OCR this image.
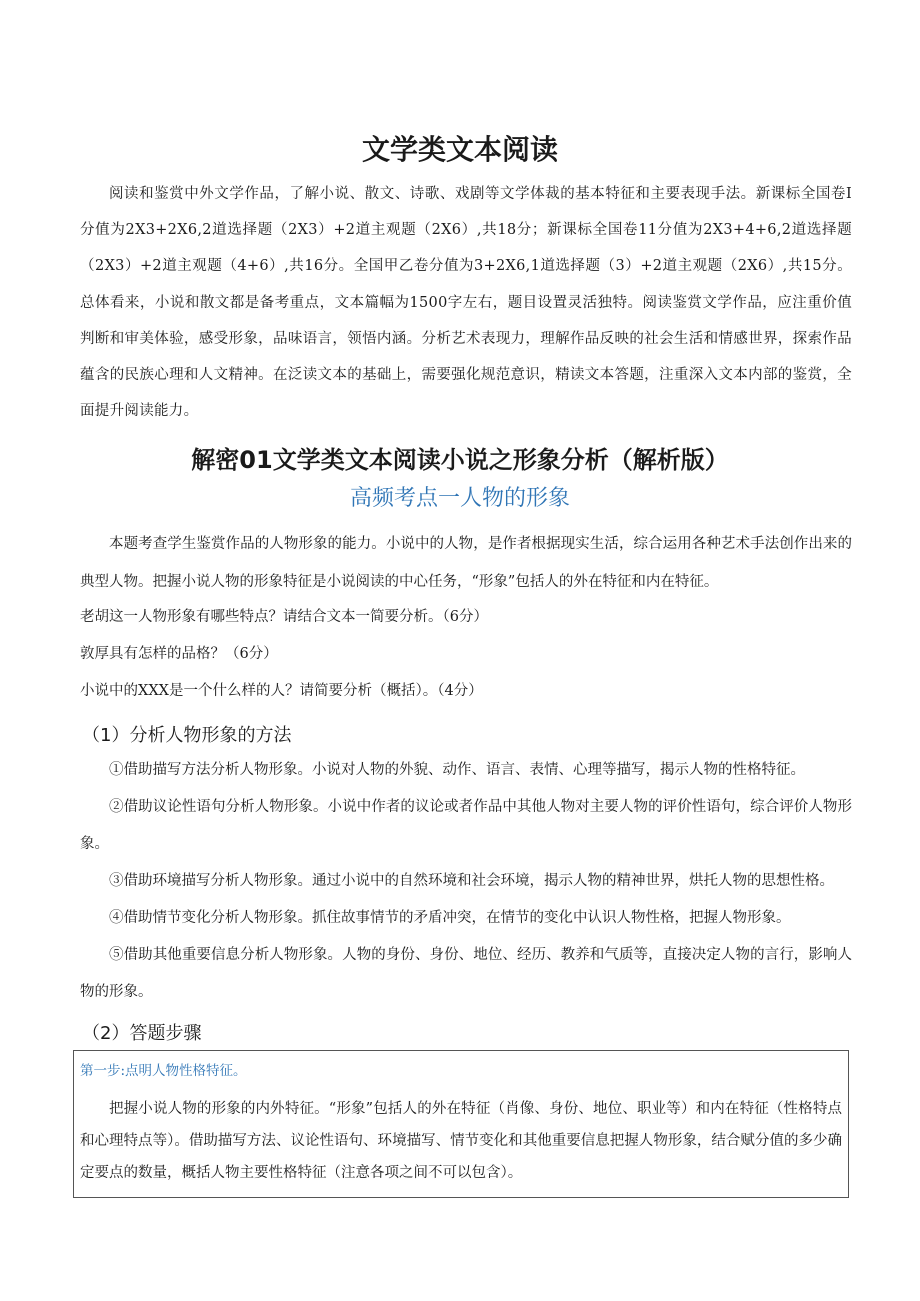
文学类文本阅读

阅读和鉴赏中外文学作品，了解小说、散文、诗歌、戏剧等文学体裁的基本特征和主要表现手法。新课标全国卷Ⅰ分值为2X3+2X6,2道选择题（2X3）+2道主观题（2X6）,共18分；新课标全国卷11分值为2X3+4+6,2道选择题（2X3）+2道主观题（4+6）,共16分。全国甲乙卷分值为3+2X6,1道选择题（3）+2道主观题（2X6）,共15分。总体看来，小说和散文都是备考重点，文本篇幅为1500字左右，题目设置灵活独特。阅读鉴赏文学作品，应注重价值判断和审美体验，感受形象，品味语言，领悟内涵。分析艺术表现力，理解作品反映的社会生活和情感世界，探索作品蕴含的民族心理和人文精神。在泛读文本的基础上，需要强化规范意识，精读文本答题，注重深入文本内部的鉴赏，全面提升阅读能力。

解密01文学类文本阅读小说之形象分析（解析版）
高频考点一人物的形象

本题考查学生鉴赏作品的人物形象的能力。小说中的人物，是作者根据现实生活，综合运用各种艺术手法创作出来的典型人物。把握小说人物的形象特征是小说阅读的中心任务，“形象”包括人的外在特征和内在特征。

老胡这一人物形象有哪些特点？请结合文本一简要分析。（6分）
敦厚具有怎样的品格？（6分）
小说中的XXX是一个什么样的人？请简要分析（概括）。（4分）
（1）分析人物形象的方法

①借助描写方法分析人物形象。小说对人物的外貌、动作、语言、表情、心理等描写，揭示人物的性格特征。

②借助议论性语句分析人物形象。小说中作者的议论或者作品中其他人物对主要人物的评价性语句，综合评价人物形象。

③借助环境描写分析人物形象。通过小说中的自然环境和社会环境，揭示人物的精神世界，烘托人物的思想性格。

④借助情节变化分析人物形象。抓住故事情节的矛盾冲突，在情节的变化中认识人物性格，把握人物形象。

⑤借助其他重要信息分析人物形象。人物的身份、身份、地位、经历、教养和气质等，直接决定人物的言行，影响人物的形象。

（2）答题步骤
第一步:点明人物性格特征。
把握小说人物的形象的内外特征。“形象”包括人的外在特征（肖像、身份、地位、职业等）和内在特征（性格特点和心理特点等）。借助描写方法、议论性语句、环境描写、情节变化和其他重要信息把握人物形象，结合赋分值的多少确定要点的数量，概括人物主要性格特征（注意各项之间不可以包含）。
